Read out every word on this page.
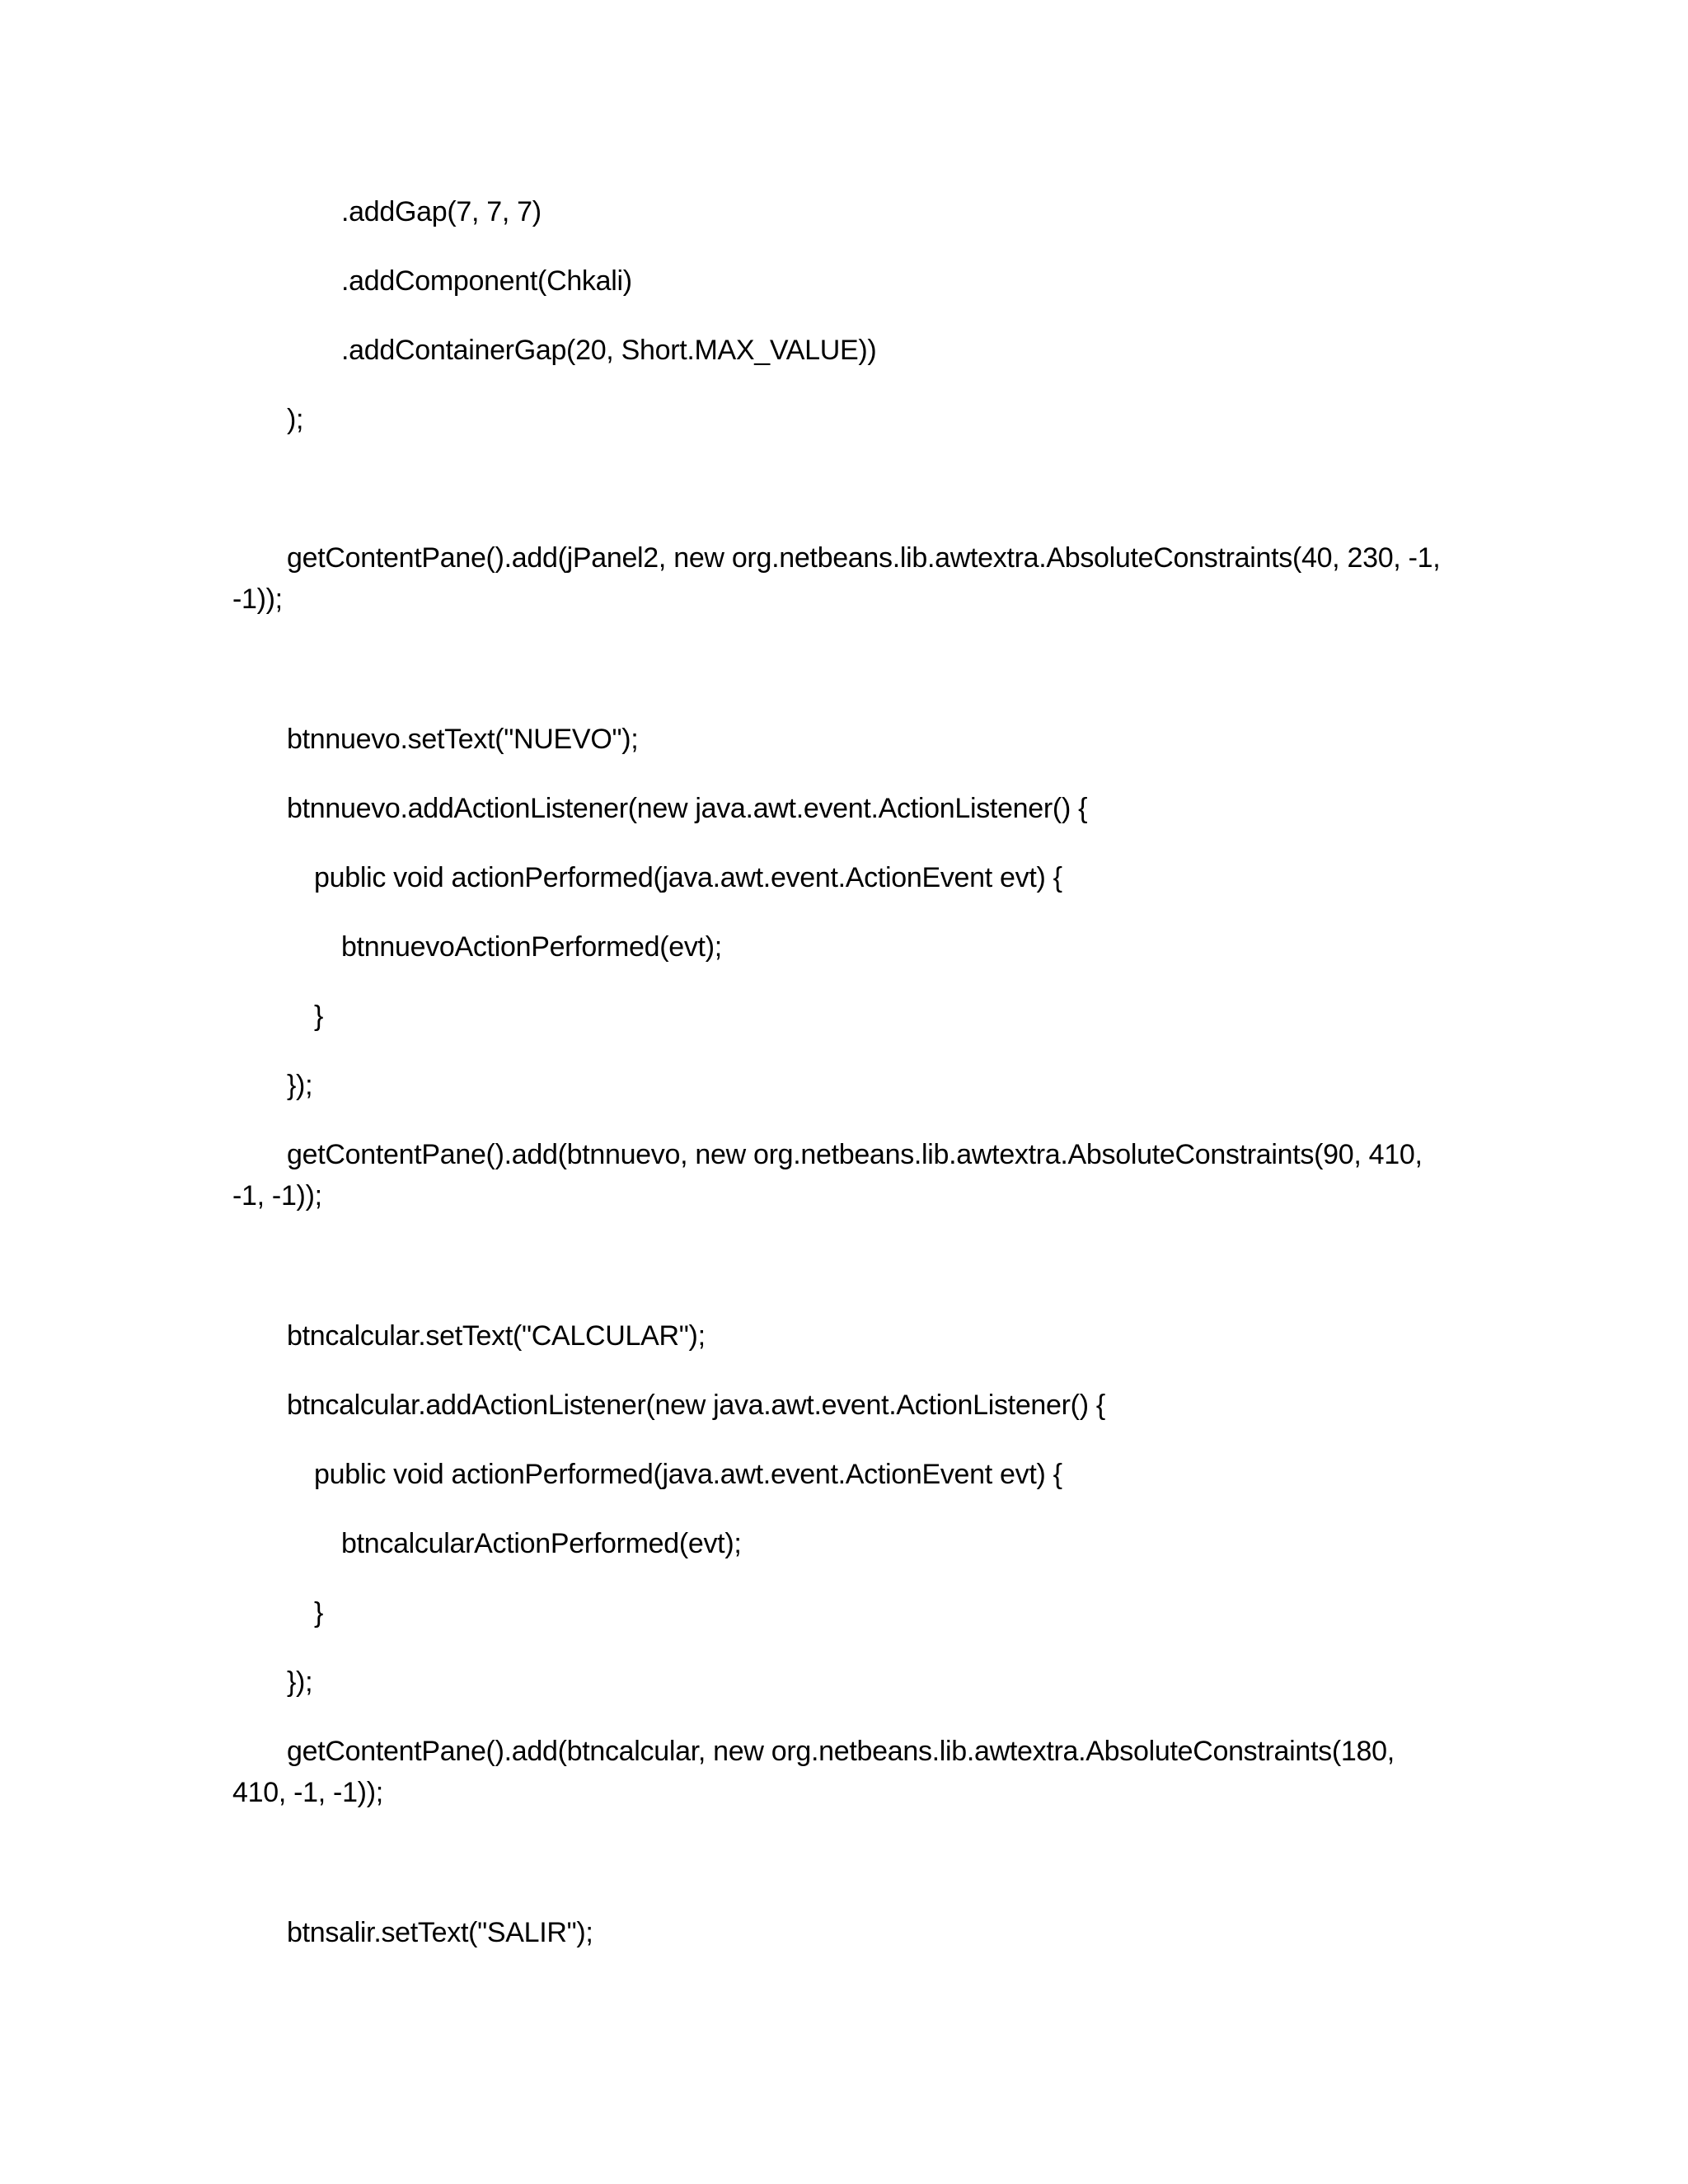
.addGap(7, 7, 7)
.addComponent(Chkali)
.addContainerGap(20, Short.MAX_VALUE))
);
getContentPane().add(jPanel2, new org.netbeans.lib.awtextra.AbsoluteConstraints(40, 230, -1, -1));
btnnuevo.setText("NUEVO");
btnnuevo.addActionListener(new java.awt.event.ActionListener() {
public void actionPerformed(java.awt.event.ActionEvent evt) {
btnnuevoActionPerformed(evt);
}
});
getContentPane().add(btnnuevo, new org.netbeans.lib.awtextra.AbsoluteConstraints(90, 410, -1, -1));
btncalcular.setText("CALCULAR");
btncalcular.addActionListener(new java.awt.event.ActionListener() {
public void actionPerformed(java.awt.event.ActionEvent evt) {
btncalcularActionPerformed(evt);
}
});
getContentPane().add(btncalcular, new org.netbeans.lib.awtextra.AbsoluteConstraints(180, 410, -1, -1));
btnsalir.setText("SALIR");
